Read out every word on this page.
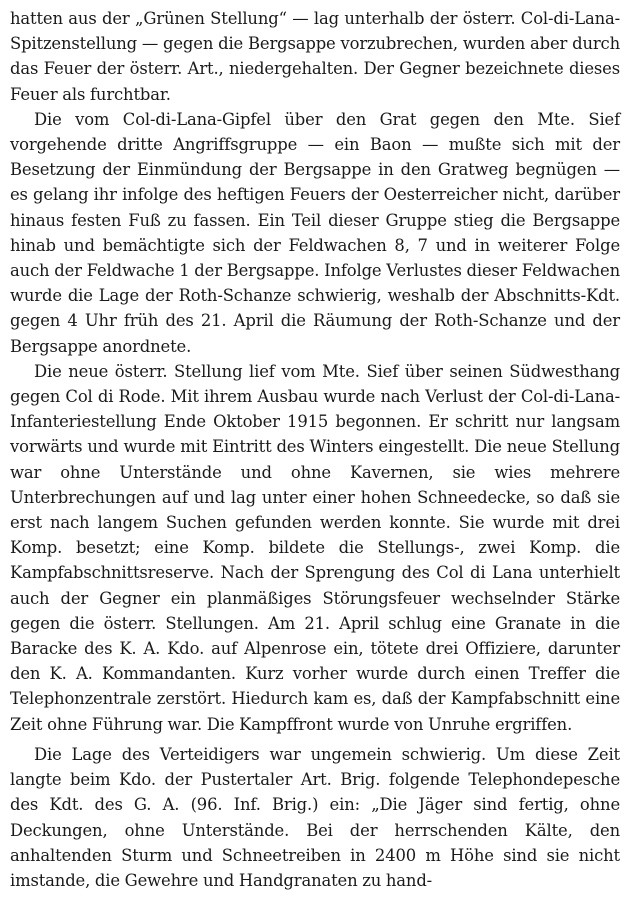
hatten aus der „Grünen Stellung“ — lag unterhalb der österr. Col-di-Lana-Spitzenstellung — gegen die Bergsappe vorzubrechen, wurden aber durch das Feuer der österr. Art., niedergehalten. Der Gegner bezeichnete dieses Feuer als furchtbar.

Die vom Col-di-Lana-Gipfel über den Grat gegen den Mte. Sief vorgehende dritte Angriffsgruppe — ein Baon — mußte sich mit der Besetzung der Einmündung der Bergsappe in den Gratweg begnügen — es gelang ihr infolge des heftigen Feuers der Oesterreicher nicht, darüber hinaus festen Fuß zu fassen. Ein Teil dieser Gruppe stieg die Bergsappe hinab und bemächtigte sich der Feldwachen 8, 7 und in weiterer Folge auch der Feldwache 1 der Bergsappe. Infolge Verlustes dieser Feldwachen wurde die Lage der Roth-Schanze schwierig, weshalb der Abschnitts-Kdt. gegen 4 Uhr früh des 21. April die Räumung der Roth-Schanze und der Bergsappe anordnete.

Die neue österr. Stellung lief vom Mte. Sief über seinen Südwesthang gegen Col di Rode. Mit ihrem Ausbau wurde nach Verlust der Col-di-Lana-Infanteriestellung Ende Oktober 1915 begonnen. Er schritt nur langsam vorwärts und wurde mit Eintritt des Winters eingestellt. Die neue Stellung war ohne Unterstände und ohne Kavernen, sie wies mehrere Unterbrechungen auf und lag unter einer hohen Schneedecke, so daß sie erst nach langem Suchen gefunden werden konnte. Sie wurde mit drei Komp. besetzt; eine Komp. bildete die Stellungs-, zwei Komp. die Kampfabschnittsreserve. Nach der Sprengung des Col di Lana unterhielt auch der Gegner ein planmäßiges Störungsfeuer wechselnder Stärke gegen die österr. Stellungen. Am 21. April schlug eine Granate in die Baracke des K. A. Kdo. auf Alpenrose ein, tötete drei Offiziere, darunter den K. A. Kommandanten. Kurz vorher wurde durch einen Treffer die Telephonzentrale zerstört. Hiedurch kam es, daß der Kampfabschnitt eine Zeit ohne Führung war. Die Kampffront wurde von Unruhe ergriffen.

Die Lage des Verteidigers war ungemein schwierig. Um diese Zeit langte beim Kdo. der Pustertaler Art. Brig. folgende Telephondepesche des Kdt. des G. A. (96. Inf. Brig.) ein: „Die Jäger sind fertig, ohne Deckungen, ohne Unterstände. Bei der herrschenden Kälte, den anhaltenden Sturm und Schneetreiben in 2400 m Höhe sind sie nicht imstande, die Gewehre und Handgranaten zu hand-
